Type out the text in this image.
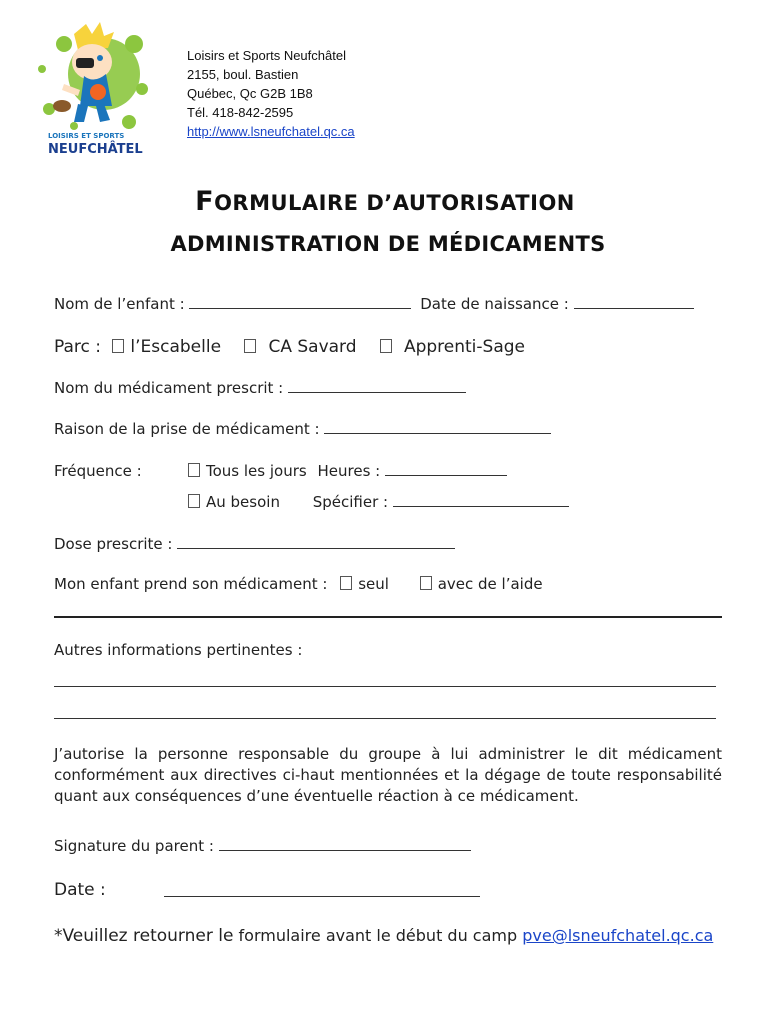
LOISIRS ET SPORTS
NEUFCHÂTEL
Loisirs et Sports Neufchâtel
2155, boul. Bastien
Québec, Qc G2B 1B8
Tél. 418-842-2595
http://www.lsneufchatel.qc.ca
FORMULAIRE D’AUTORISATION
ADMINISTRATION DE MÉDICAMENTS
Nom de l’enfant :	Date de naissance :
Parc : l’Escabelle	CA Savard	Apprenti-Sage
Nom du médicament prescrit :
Raison de la prise de médicament :
Fréquence :	Tous les jours Heures :
Au besoin Spécifier :
Dose prescrite :
Mon enfant prend son médicament : seul	avec de l’aide
Autres informations pertinentes :
J’autorise la personne responsable du groupe à lui administrer le dit médicament conformément aux directives ci-haut mentionnées et la dégage de toute responsabilité quant aux conséquences d’une éventuelle réaction à ce médicament.
Signature du parent :
Date :
*Veuillez retourner le formulaire avant le début du camp pve@lsneufchatel.qc.ca
